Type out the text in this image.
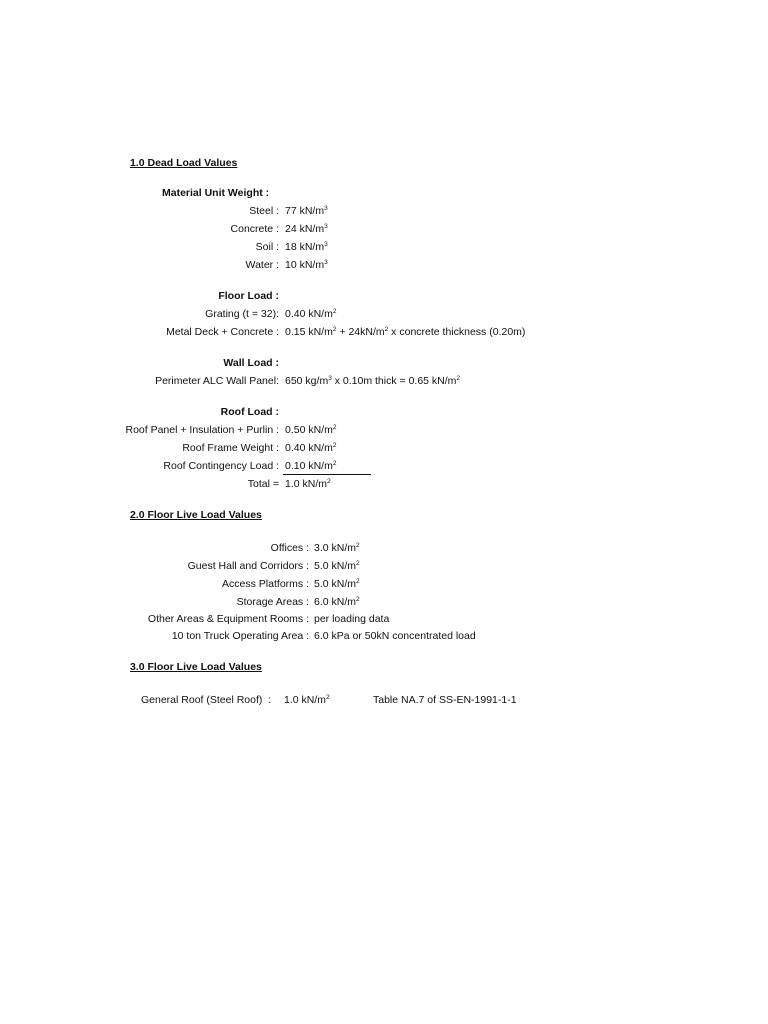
1.0 Dead Load Values
Material Unit Weight :
Steel : 77 $kN/m^3$
Concrete : 24 $kN/m^3$
Soil : 18 $kN/m^3$
Water : 10 $kN/m^3$
Floor Load :
Grating (t = 32): 0.40 $kN/m^2$
Metal Deck + Concrete : 0.15 $kN/m^2 + 24kN/m^2$ x concrete thickness (0.20m)
Wall Load :
Perimeter ALC Wall Panel: 650 $kg/m^3$ x 0.10m thick = 0.65 $kN/m^2$
Roof Load :
Roof Panel + Insulation + Purlin : 0.50 $kN/m^2$
Roof Frame Weight : 0.40 $kN/m^2$
Roof Contingency Load : 0.10 $kN/m^2$
Total = 1.0 $kN/m^2$
2.0 Floor Live Load Values
Offices : 3.0 $kN/m^2$
Guest Hall and Corridors : 5.0 $kN/m^2$
Access Platforms : 5.0 $kN/m^2$
Storage Areas : 6.0 $kN/m^2$
Other Areas & Equipment Rooms : per loading data
10 ton Truck Operating Area : 6.0 kPa or 50kN concentrated load
3.0 Floor Live Load Values
General Roof (Steel Roof)  : 1.0 $kN/m^2$	Table NA.7 of SS-EN-1991-1-1
